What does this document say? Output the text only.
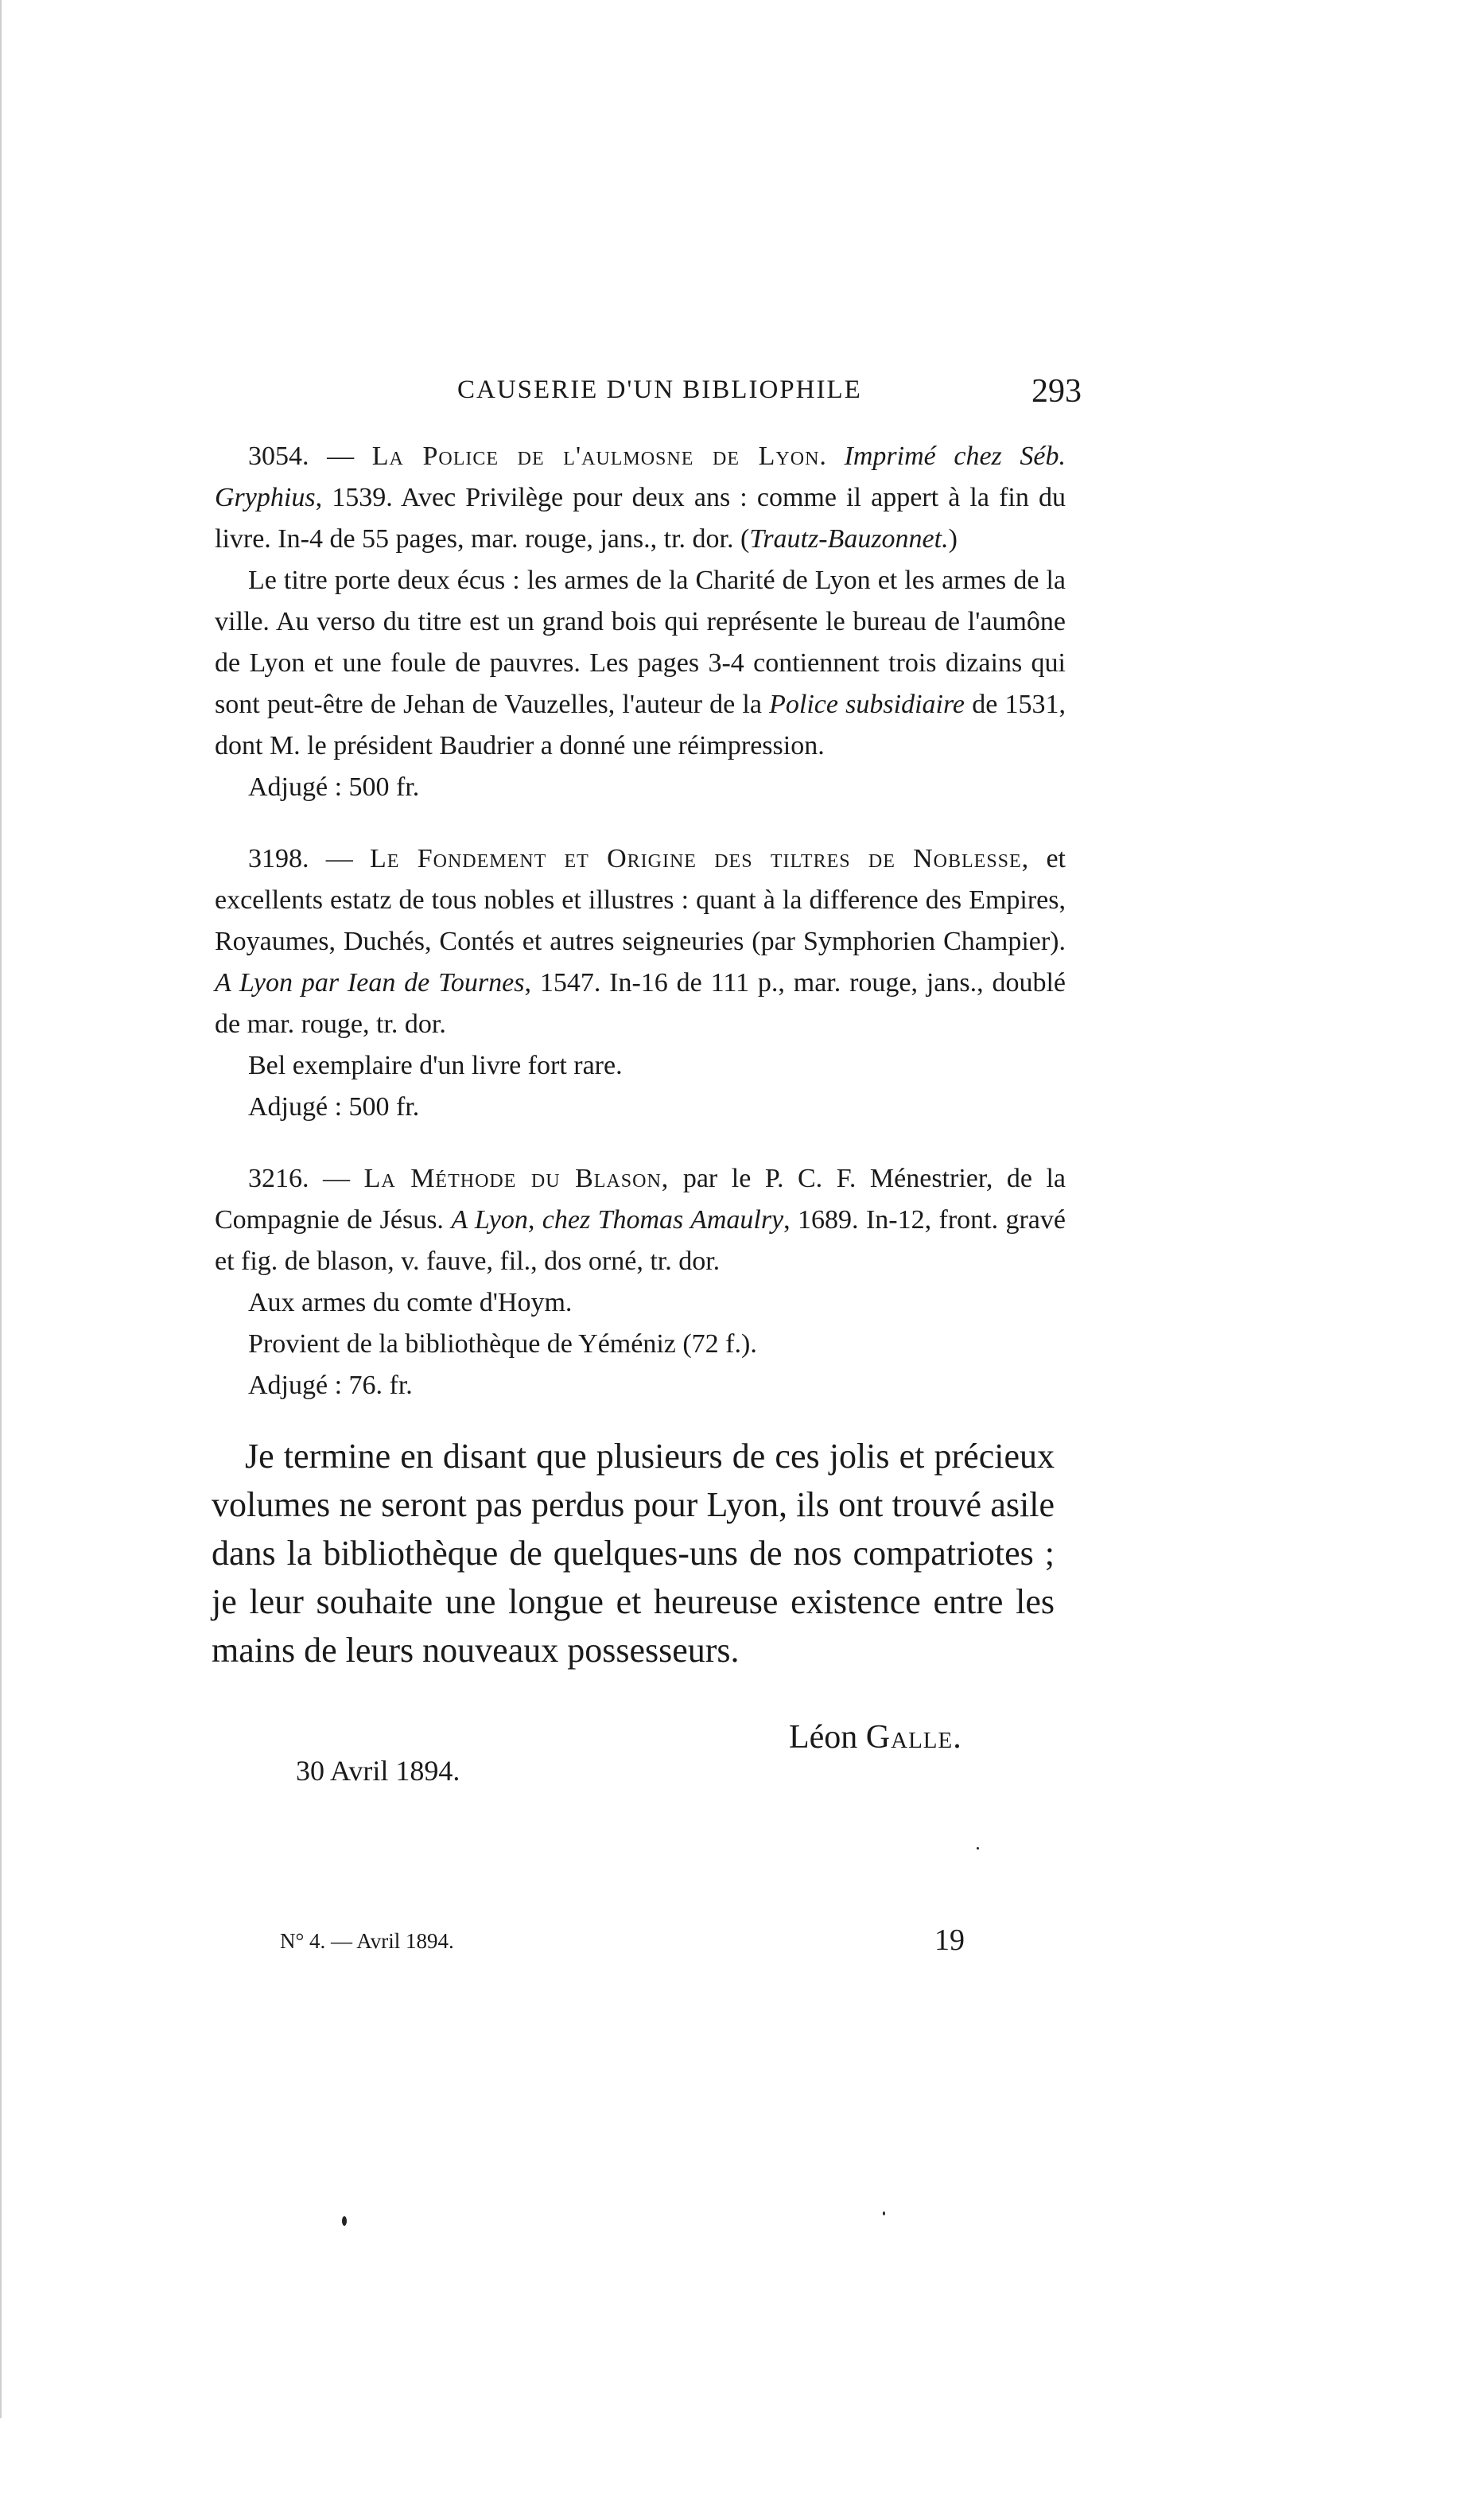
CAUSERIE D'UN BIBLIOPHILE	293

3054. — La Police de l'aulmosne de Lyon. Imprimé chez Séb. Gryphius, 1539. Avec Privilège pour deux ans : comme il appert à la fin du livre. In-4 de 55 pages, mar. rouge, jans., tr. dor. (Trautz-Bauzonnet.)

Le titre porte deux écus : les armes de la Charité de Lyon et les armes de la ville. Au verso du titre est un grand bois qui représente le bureau de l'aumône de Lyon et une foule de pauvres. Les pages 3-4 contiennent trois dizains qui sont peut-être de Jehan de Vauzelles, l'auteur de la Police subsidiaire de 1531, dont M. le président Baudrier a donné une réimpression.

Adjugé : 500 fr.

3198. — Le Fondement et Origine des tiltres de Noblesse, et excellents estatz de tous nobles et illustres : quant à la difference des Empires, Royaumes, Duchés, Contés et autres seigneuries (par Symphorien Champier). A Lyon par Iean de Tournes, 1547. In-16 de 111 p., mar. rouge, jans., doublé de mar. rouge, tr. dor.

Bel exemplaire d'un livre fort rare.

Adjugé : 500 fr.

3216. — La Méthode du Blason, par le P. C. F. Ménestrier, de la Compagnie de Jésus. A Lyon, chez Thomas Amaulry, 1689. In-12, front. gravé et fig. de blason, v. fauve, fil., dos orné, tr. dor.

Aux armes du comte d'Hoym.

Provient de la bibliothèque de Yéméniz (72 f.).

Adjugé : 76. fr.

Je termine en disant que plusieurs de ces jolis et précieux volumes ne seront pas perdus pour Lyon, ils ont trouvé asile dans la bibliothèque de quelques-uns de nos compatriotes ; je leur souhaite une longue et heureuse existence entre les mains de leurs nouveaux possesseurs.

Léon Galle.
30 Avril 1894.
N° 4. — Avril 1894.	19
